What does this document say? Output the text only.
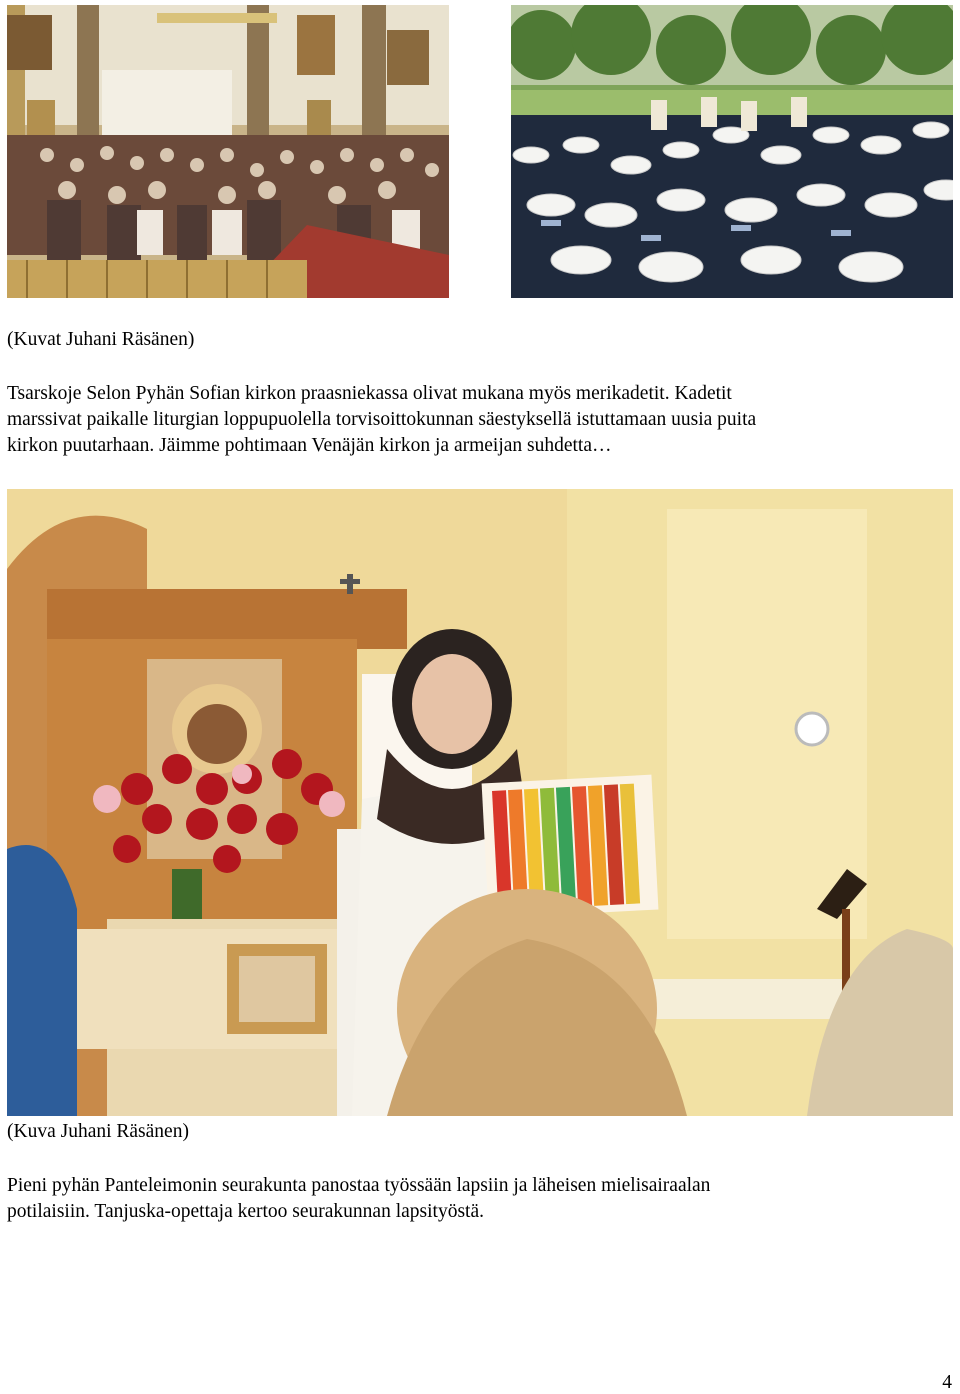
(Kuvat Juhani Räsänen)
Tsarskoje Selon Pyhän Sofian kirkon praasniekassa olivat mukana myös merikadetit. Kadetit
marssivat paikalle liturgian loppupuolella torvisoittokunnan säestyksellä istuttamaan uusia puita
kirkon puutarhaan. Jäimme pohtimaan Venäjän kirkon ja armeijan suhdetta…
(Kuva Juhani Räsänen)
Pieni pyhän Panteleimonin seurakunta panostaa työssään lapsiin ja läheisen mielisairaalan
potilaisiin. Tanjuska-opettaja kertoo seurakunnan lapsityöstä.
4
